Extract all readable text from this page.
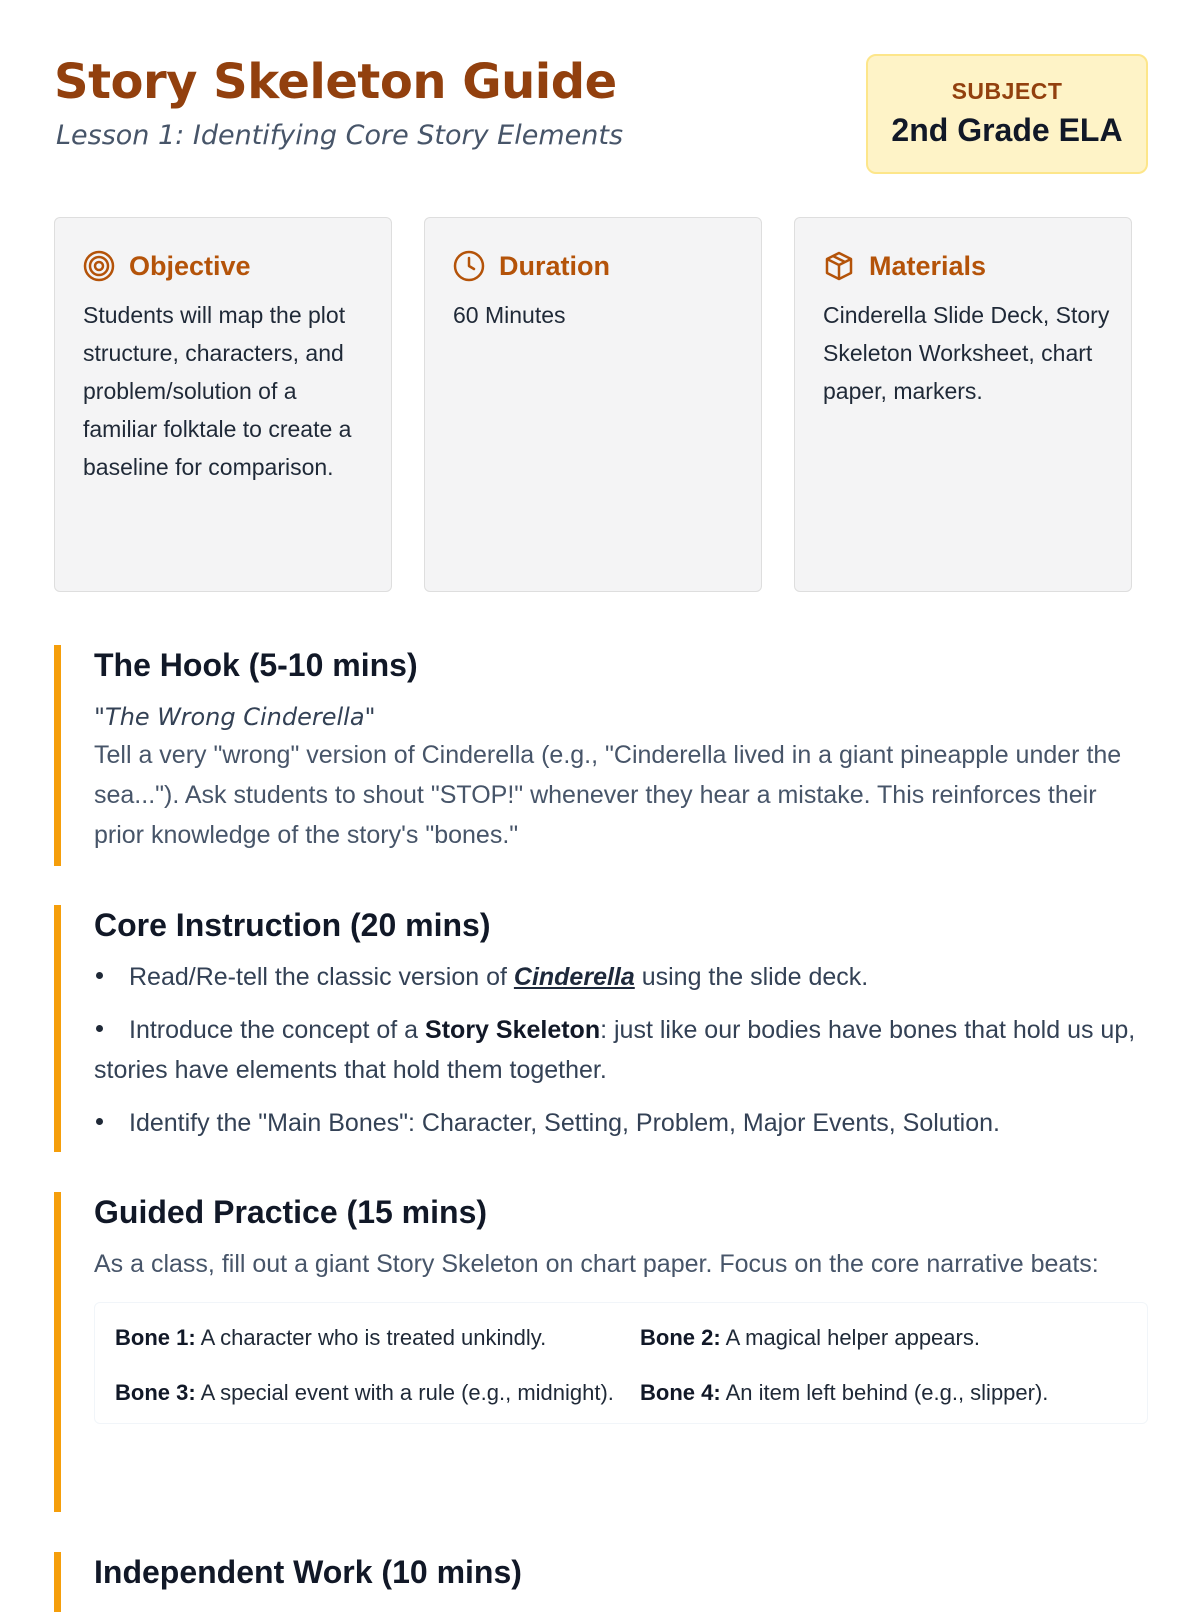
Story Skeleton Guide

Lesson 1: Identifying Core Story Elements

SUBJECT
2nd Grade ELA
Objective
Students will map the plot structure, characters, and problem/solution of a familiar folktale to create a baseline for comparison.
Duration
60 Minutes
Materials
Cinderella Slide Deck, Story Skeleton Worksheet, chart paper, markers.
The Hook (5-10 mins)
"The Wrong Cinderella"
Tell a very "wrong" version of Cinderella (e.g., "Cinderella lived in a giant pineapple under the sea..."). Ask students to shout "STOP!" whenever they hear a mistake. This reinforces their prior knowledge of the story's "bones."
Core Instruction (20 mins)
Read/Re-tell the classic version of Cinderella using the slide deck.
Introduce the concept of a Story Skeleton: just like our bodies have bones that hold us up, stories have elements that hold them together.
Identify the "Main Bones": Character, Setting, Problem, Major Events, Solution.
Guided Practice (15 mins)
As a class, fill out a giant Story Skeleton on chart paper. Focus on the core narrative beats:
Bone 1: A character who is treated unkindly.	Bone 2: A magical helper appears.
Bone 3: A special event with a rule (e.g., midnight). Bone 4: An item left behind (e.g., slipper).
Independent Work (10 mins)
